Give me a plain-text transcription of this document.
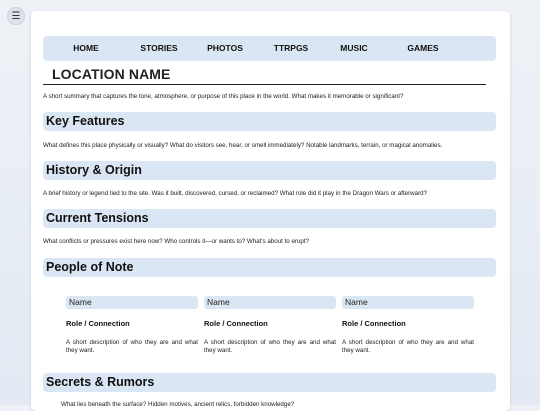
☰
HOME	STORIES	PHOTOS	TTRPGS	MUSIC	GAMES
LOCATION NAME
A short summary that captures the tone, atmosphere, or purpose of this place in the world. What makes it memorable or significant?
Key Features
What defines this place physically or visually? What do visitors see, hear, or smell immediately? Notable landmarks, terrain, or magical anomalies.
History & Origin
A brief history or legend tied to the site. Was it built, discovered, cursed, or reclaimed? What role did it play in the Dragon Wars or afterward?
Current Tensions
What conflicts or pressures exist here now? Who controls it—or wants to? What's about to erupt?
People of Note
Name
Role / Connection
A short description of who they are and what they want.
Name
Role / Connection
A short description of who they are and what they want.
Name
Role / Connection
A short description of who they are and what they want.
Secrets & Rumors
What lies beneath the surface? Hidden motives, ancient relics, forbidden knowledge?
